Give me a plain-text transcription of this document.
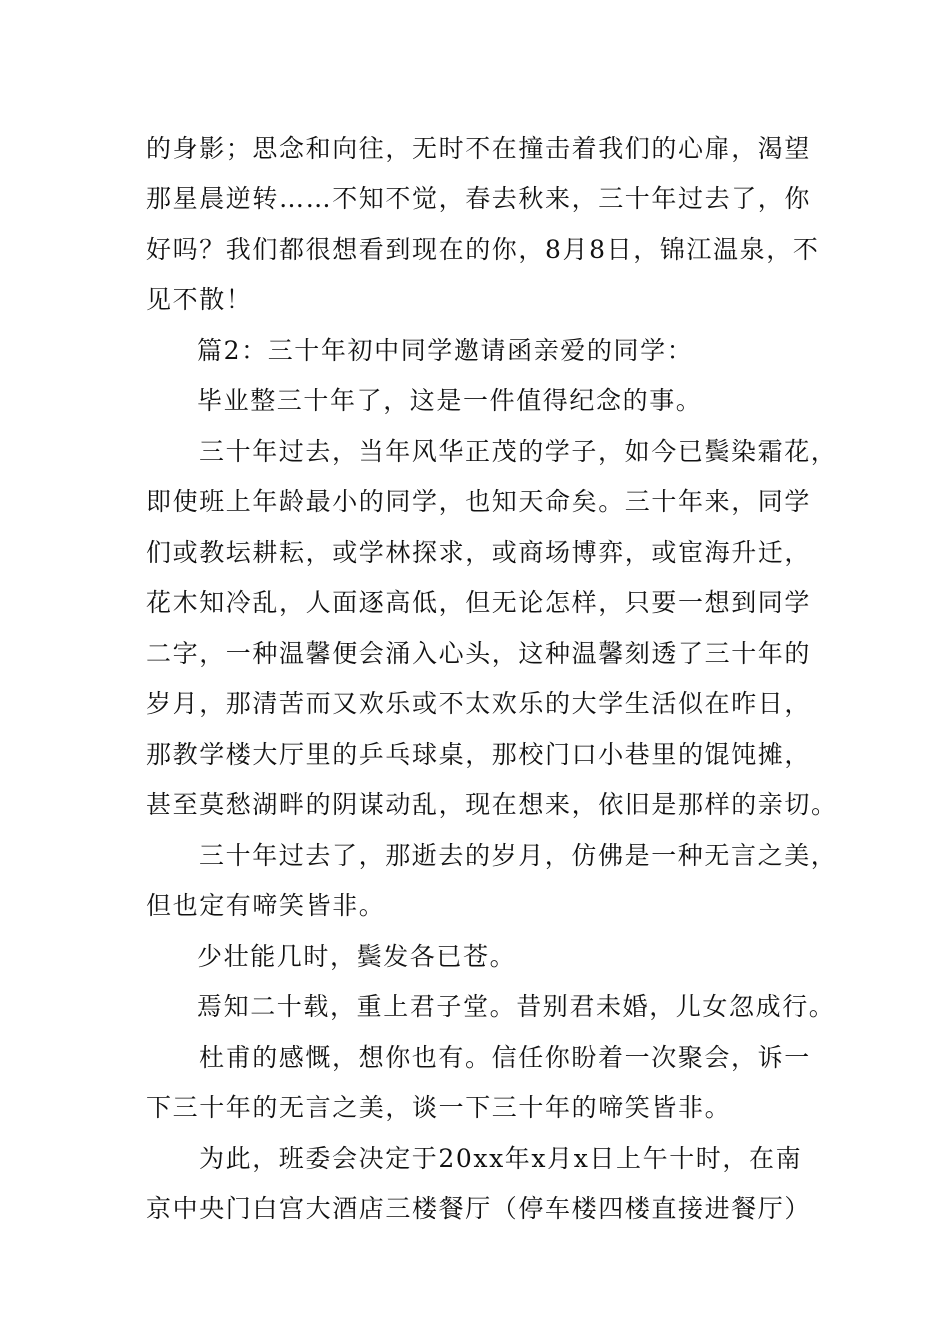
的身影；思念和向往，无时不在撞击着我们的心扉，渴望
那星晨逆转……不知不觉，春去秋来，三十年过去了，你
好吗？我们都很想看到现在的你，8月8日，锦江温泉，不
见不散！
篇2：三十年初中同学邀请函亲爱的同学：
毕业整三十年了，这是一件值得纪念的事。
三十年过去，当年风华正茂的学子，如今已鬓染霜花，
即使班上年龄最小的同学，也知天命矣。三十年来，同学
们或教坛耕耘，或学林探求，或商场博弈，或宦海升迁，
花木知冷乱，人面逐高低，但无论怎样，只要一想到同学
二字，一种温馨便会涌入心头，这种温馨刻透了三十年的
岁月，那清苦而又欢乐或不太欢乐的大学生活似在昨日，
那教学楼大厅里的乒乓球桌，那校门口小巷里的馄饨摊，
甚至莫愁湖畔的阴谋动乱，现在想来，依旧是那样的亲切。
三十年过去了，那逝去的岁月，仿佛是一种无言之美，
但也定有啼笑皆非。
少壮能几时，鬓发各已苍。
焉知二十载，重上君子堂。昔别君未婚，儿女忽成行。
杜甫的感慨，想你也有。信任你盼着一次聚会，诉一
下三十年的无言之美，谈一下三十年的啼笑皆非。
为此，班委会决定于20xx年x月x日上午十时，在南
京中央门白宫大酒店三楼餐厅（停车楼四楼直接进餐厅）
